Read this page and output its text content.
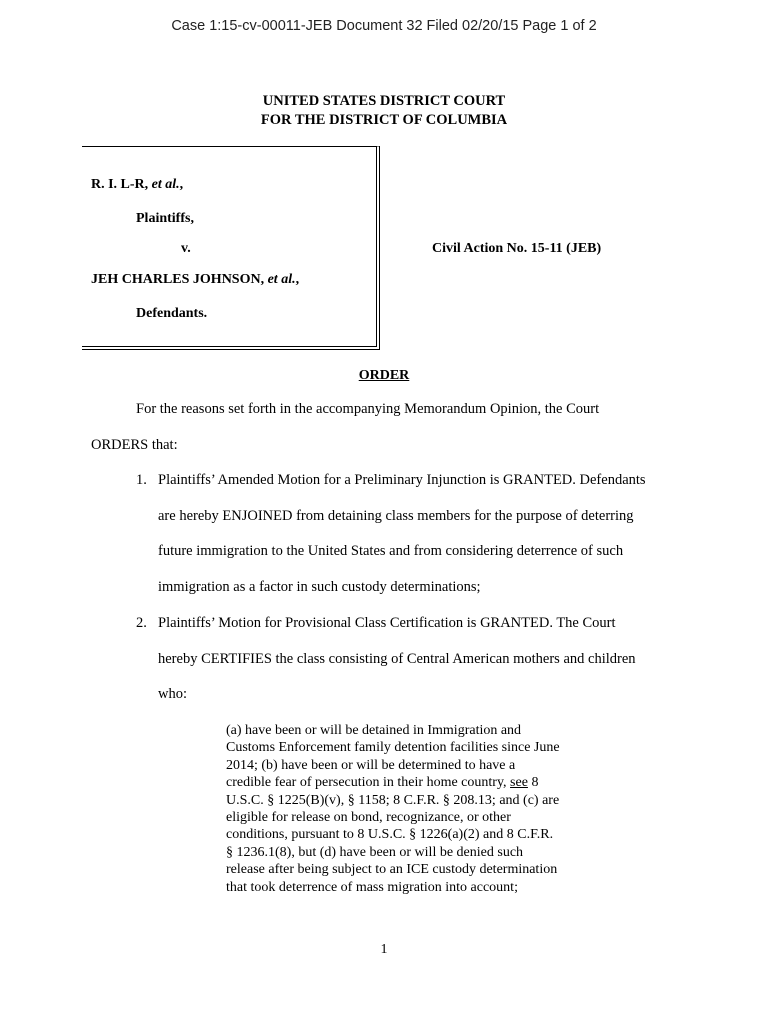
Case 1:15-cv-00011-JEB Document 32 Filed 02/20/15 Page 1 of 2
UNITED STATES DISTRICT COURT
FOR THE DISTRICT OF COLUMBIA
R. I. L-R, et al.,
Plaintiffs,
v.
JEH CHARLES JOHNSON, et al.,
Defendants.
Civil Action No. 15-11 (JEB)
ORDER
For the reasons set forth in the accompanying Memorandum Opinion, the Court
ORDERS that:
1. Plaintiffs’ Amended Motion for a Preliminary Injunction is GRANTED. Defendants
are hereby ENJOINED from detaining class members for the purpose of deterring
future immigration to the United States and from considering deterrence of such
immigration as a factor in such custody determinations;
2. Plaintiffs’ Motion for Provisional Class Certification is GRANTED. The Court
hereby CERTIFIES the class consisting of Central American mothers and children
who:
(a) have been or will be detained in Immigration and
Customs Enforcement family detention facilities since June
2014; (b) have been or will be determined to have a
credible fear of persecution in their home country, see 8
U.S.C. § 1225(B)(v), § 1158; 8 C.F.R. § 208.13; and (c) are
eligible for release on bond, recognizance, or other
conditions, pursuant to 8 U.S.C. § 1226(a)(2) and 8 C.F.R.
§ 1236.1(8), but (d) have been or will be denied such
release after being subject to an ICE custody determination
that took deterrence of mass migration into account;
1
